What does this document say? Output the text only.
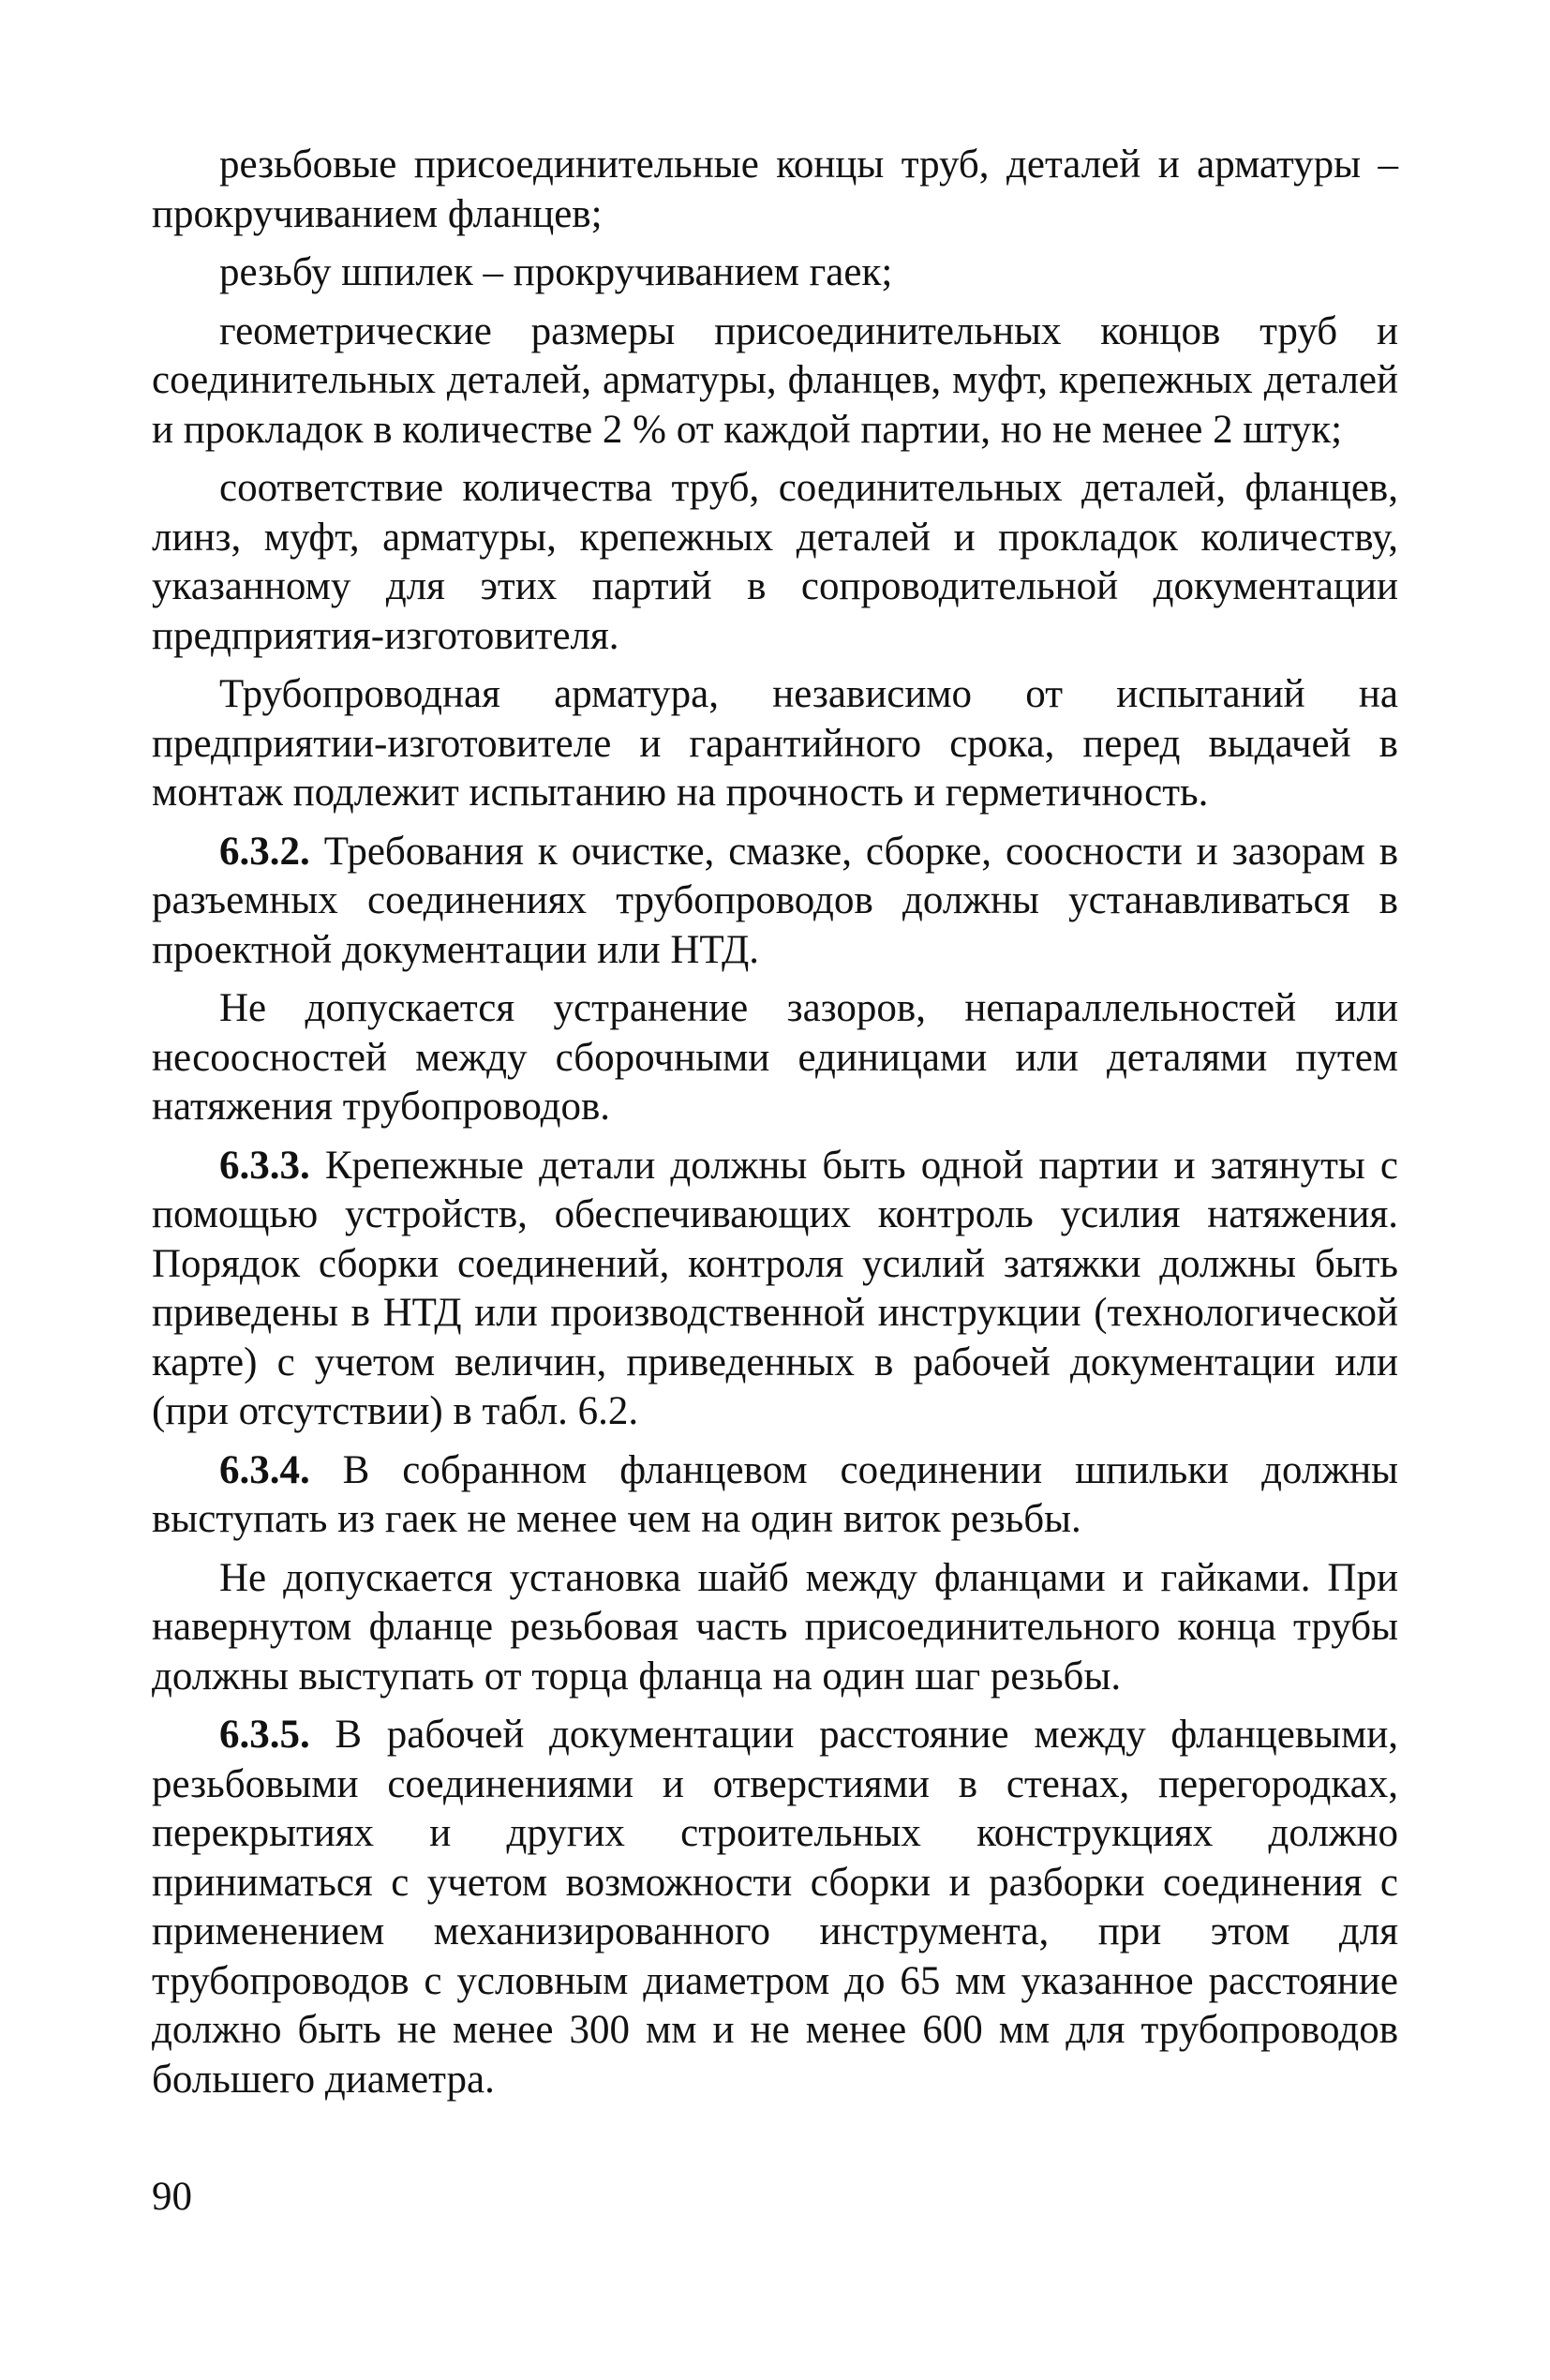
резьбовые присоединительные концы труб, деталей и арматуры – прокручиванием фланцев;

резьбу шпилек – прокручиванием гаек;

геометрические размеры присоединительных концов труб и соединительных деталей, арматуры, фланцев, муфт, крепежных деталей и прокладок в количестве 2 % от каждой партии, но не менее 2 штук;

соответствие количества труб, соединительных деталей, фланцев, линз, муфт, арматуры, крепежных деталей и прокладок количеству, указанному для этих партий в сопроводительной документации предприятия-изготовителя.

Трубопроводная арматура, независимо от испытаний на предприятии-изготовителе и гарантийного срока, перед выдачей в монтаж подлежит испытанию на прочность и герметичность.

6.3.2. Требования к очистке, смазке, сборке, соосности и зазорам в разъемных соединениях трубопроводов должны устанавливаться в проектной документации или НТД.

Не допускается устранение зазоров, непараллельностей или несоосностей между сборочными единицами или деталями путем натяжения трубопроводов.

6.3.3. Крепежные детали должны быть одной партии и затянуты с помощью устройств, обеспечивающих контроль усилия натяжения. Порядок сборки соединений, контроля усилий затяжки должны быть приведены в НТД или производственной инструкции (технологической карте) с учетом величин, приведенных в рабочей документации или (при отсутствии) в табл. 6.2.

6.3.4. В собранном фланцевом соединении шпильки должны выступать из гаек не менее чем на один виток резьбы.

Не допускается установка шайб между фланцами и гайками. При навернутом фланце резьбовая часть присоединительного конца трубы должны выступать от торца фланца на один шаг резьбы.

6.3.5. В рабочей документации расстояние между фланцевыми, резьбовыми соединениями и отверстиями в стенах, перегородках, перекрытиях и других строительных конструкциях должно приниматься с учетом возможности сборки и разборки соединения с применением механизированного инструмента, при этом для трубопроводов с условным диаметром до 65 мм указанное расстояние должно быть не менее 300 мм и не менее 600 мм для трубопроводов большего диаметра.

90
